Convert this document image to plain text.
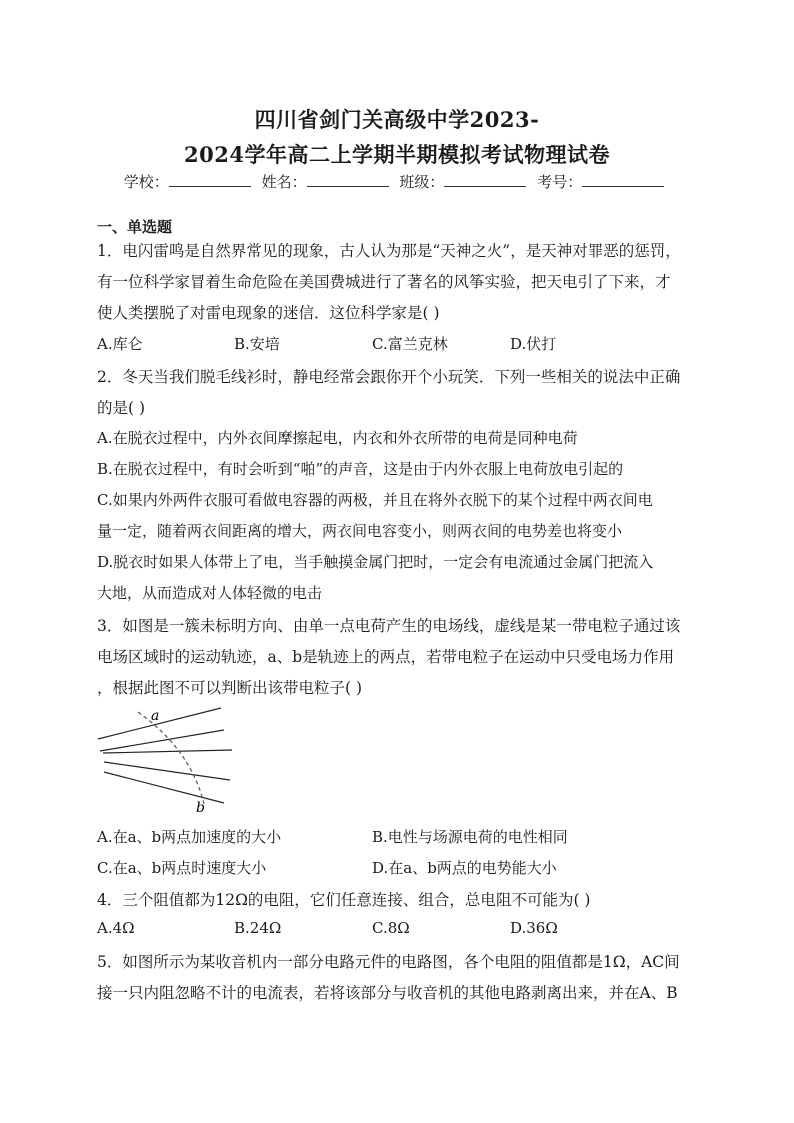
四川省剑门关高级中学2023-
2024学年高二上学期半期模拟考试物理试卷
学校：	姓名：	班级：	考号：
一、单选题
1．电闪雷鸣是自然界常见的现象，古人认为那是“天神之火”，是天神对罪恶的惩罚，
有一位科学家冒着生命危险在美国费城进行了著名的风筝实验，把天电引了下来，才
使人类摆脱了对雷电现象的迷信．这位科学家是( )
A.库仑	B.安培	C.富兰克林	D.伏打
2．冬天当我们脱毛线衫时，静电经常会跟你开个小玩笑．下列一些相关的说法中正确
的是( )
A.在脱衣过程中，内外衣间摩擦起电，内衣和外衣所带的电荷是同种电荷
B.在脱衣过程中，有时会听到“啪”的声音，这是由于内外衣服上电荷放电引起的
C.如果内外两件衣服可看做电容器的两极，并且在将外衣脱下的某个过程中两衣间电
量一定，随着两衣间距离的增大，两衣间电容变小，则两衣间的电势差也将变小
D.脱衣时如果人体带上了电，当手触摸金属门把时，一定会有电流通过金属门把流入
大地，从而造成对人体轻微的电击
3．如图是一簇未标明方向、由单一点电荷产生的电场线，虚线是某一带电粒子通过该
电场区域时的运动轨迹，a、b是轨迹上的两点，若带电粒子在运动中只受电场力作用
，根据此图不可以判断出该带电粒子( )
a
b
A.在a、b两点加速度的大小	B.电性与场源电荷的电性相同
C.在a、b两点时速度大小	D.在a、b两点的电势能大小
4．三个阻值都为12Ω的电阻，它们任意连接、组合，总电阻不可能为( )
A.4Ω	B.24Ω	C.8Ω	D.36Ω
5．如图所示为某收音机内一部分电路元件的电路图，各个电阻的阻值都是1Ω，AC间
接一只内阻忽略不计的电流表，若将该部分与收音机的其他电路剥离出来，并在A、B
